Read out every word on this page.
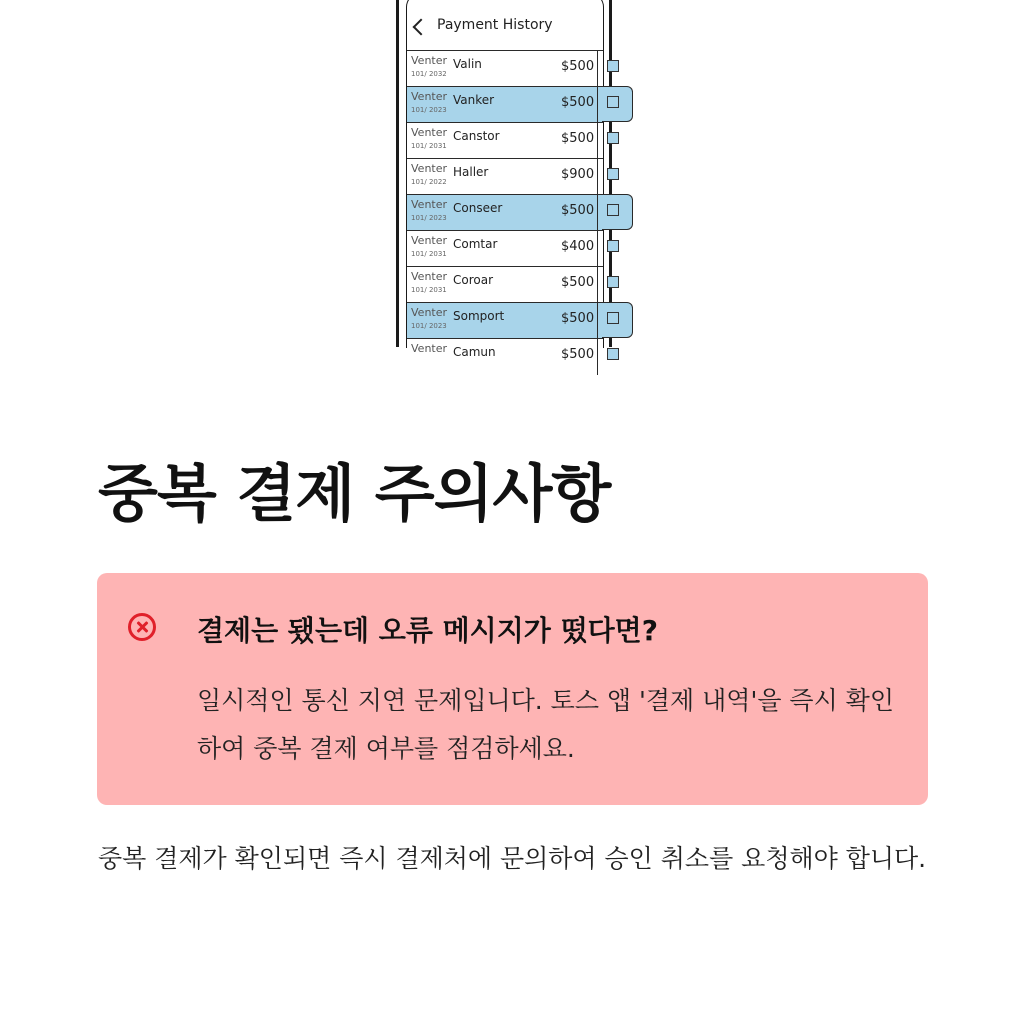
Payment History
Venter
101/ 2032
Valin	$500
Venter
101/ 2023
Vanker	$500
Venter
101/ 2031
Canstor	$500
Venter
101/ 2022
Haller	$900
Venter
101/ 2023
Conseer	$500
Venter
101/ 2031
Comtar	$400
Venter
101/ 2031
Coroar	$500
Venter
101/ 2023
Somport	$500
Venter Camun	$500
중복 결제 주의사항
결제는 됐는데 오류 메시지가 떴다면?
일시적인 통신 지연 문제입니다. 토스 앱 '결제 내역'을 즉시 확인하여 중복 결제 여부를 점검하세요.
중복 결제가 확인되면 즉시 결제처에 문의하여 승인 취소를 요청해야 합니다.
